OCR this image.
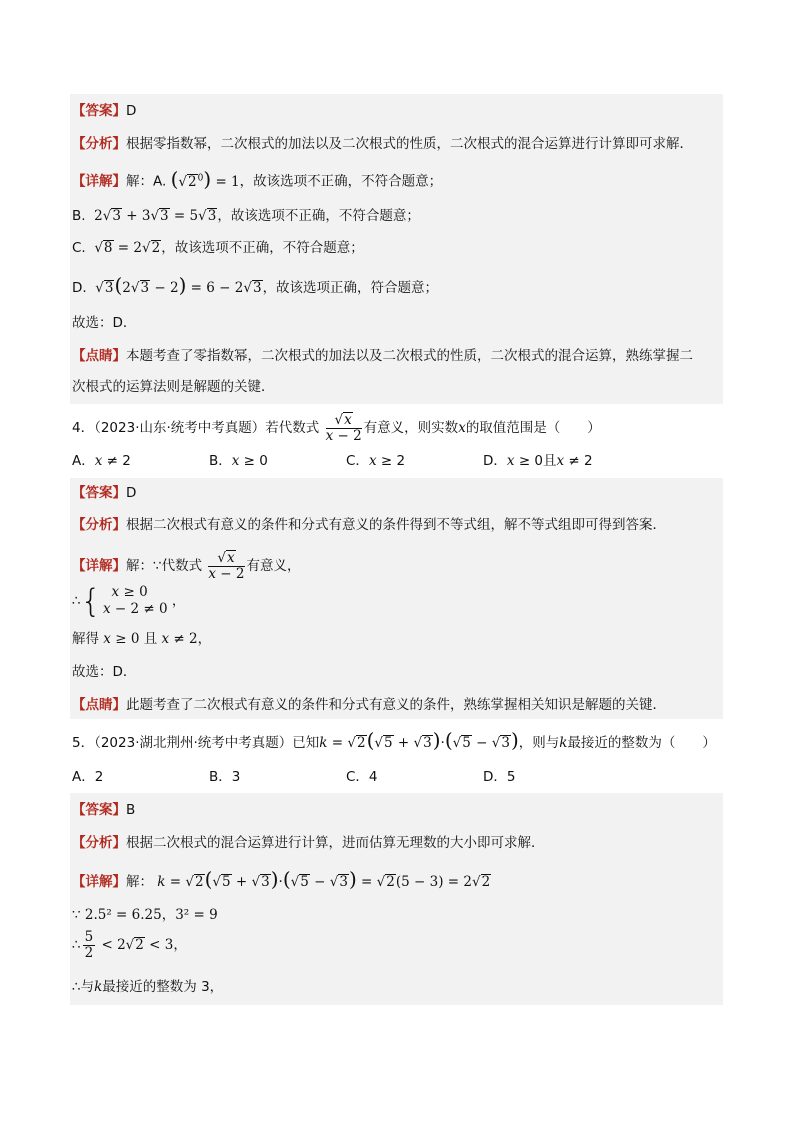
【答案】D
【分析】根据零指数幂，二次根式的加法以及二次根式的性质，二次根式的混合运算进行计算即可求解．
【详解】解：A. $(√2^0) = 1$，故该选项不正确，不符合题意；
B. 2√3 + 3√3 = 5√3，故该选项不正确，不符合题意；
C. √8 = 2√2，故该选项不正确，不符合题意；
D. √3(2√3 − 2) = 6 − 2√3，故该选项正确，符合题意；
故选：D．
【点睛】本题考查了零指数幂，二次根式的加法以及二次根式的性质，二次根式的混合运算，熟练掌握二
次根式的运算法则是解题的关键．
4．（2023·山东·统考中考真题）若代数式 $\frac{√x}{x - 2}$ 有意义，则实数x的取值范围是（　　）
A．x ≠ 2	B．x ≥ 0	C．x ≥ 2	D．x ≥ 0且x ≠ 2
【答案】D
【分析】根据二次根式有意义的条件和分式有意义的条件得到不等式组，解不等式组即可得到答案．
【详解】解：∵代数式 $\frac{√x}{x - 2}$ 有意义，
∴{ x ≥ 0
x − 2 ≠ 0 ，
解得 x ≥ 0 且 x ≠ 2，
故选：D．
【点睛】此题考查了二次根式有意义的条件和分式有意义的条件，熟练掌握相关知识是解题的关键．
5．（2023·湖北荆州·统考中考真题）已知k = √2(√5 + √3)·(√5 − √3)，则与k最接近的整数为（　　）
A．2	B．3	C．4	D．5
【答案】B
【分析】根据二次根式的混合运算进行计算，进而估算无理数的大小即可求解．
【详解】解： k = √2(√5 + √3)·(√5 − √3) = √2(5 − 3) = 2√2
∵ 2.5² = 6.25，3² = 9
∴ $\frac{5}{2} < 2√2 < 3$，
∴与k最接近的整数为 3，
